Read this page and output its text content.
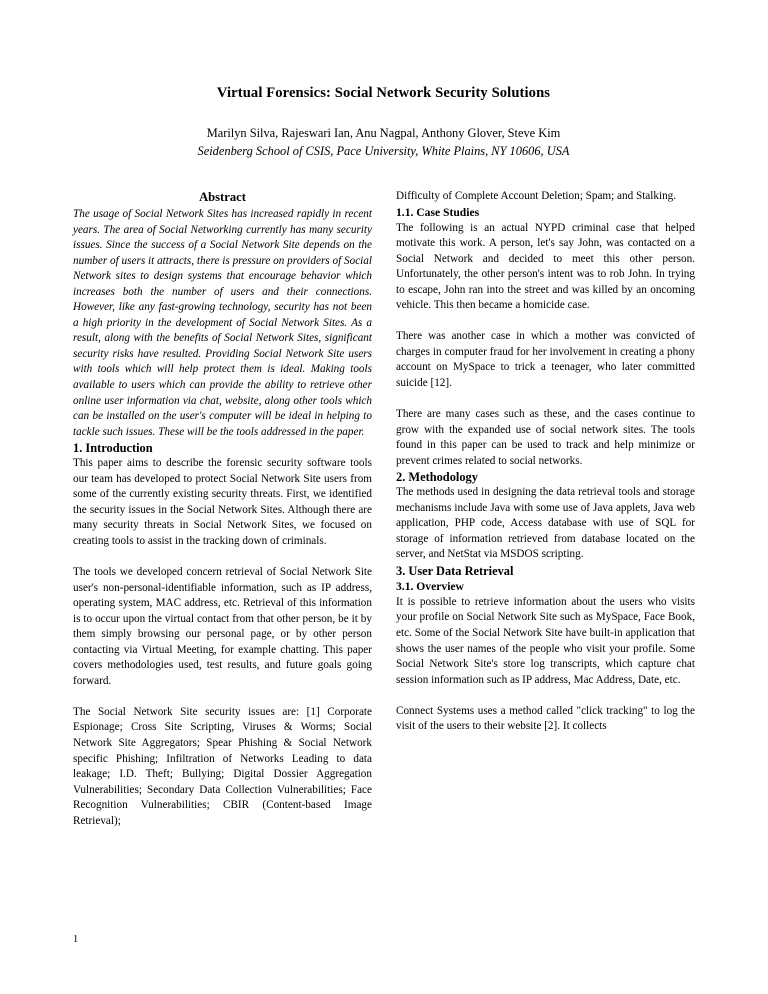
Virtual Forensics: Social Network Security Solutions
Marilyn Silva, Rajeswari Ian, Anu Nagpal, Anthony Glover, Steve Kim
Seidenberg School of CSIS, Pace University, White Plains, NY 10606, USA
Abstract

The usage of Social Network Sites has increased rapidly in recent years. The area of Social Networking currently has many security issues. Since the success of a Social Network Site depends on the number of users it attracts, there is pressure on providers of Social Network sites to design systems that encourage behavior which increases both the number of users and their connections. However, like any fast-growing technology, security has not been a high priority in the development of Social Network Sites. As a result, along with the benefits of Social Network Sites, significant security risks have resulted. Providing Social Network Site users with tools which will help protect them is ideal. Making tools available to users which can provide the ability to retrieve other online user information via chat, website, along other tools which can be installed on the user's computer will be ideal in helping to tackle such issues. These will be the tools addressed in the paper.

1. Introduction

This paper aims to describe the forensic security software tools our team has developed to protect Social Network Site users from some of the currently existing security threats. First, we identified the security issues in the Social Network Sites. Although there are many security threats in Social Network Sites, we focused on creating tools to assist in the tracking down of criminals.

The tools we developed concern retrieval of Social Network Site user's non-personal-identifiable information, such as IP address, operating system, MAC address, etc. Retrieval of this information is to occur upon the virtual contact from that other person, be it by them simply browsing our personal page, or by other person contacting via Virtual Meeting, for example chatting. This paper covers methodologies used, test results, and future goals going forward.

The Social Network Site security issues are: [1] Corporate Espionage; Cross Site Scripting, Viruses & Worms; Social Network Site Aggregators; Spear Phishing & Social Network specific Phishing; Infiltration of Networks Leading to data leakage; I.D. Theft; Bullying; Digital Dossier Aggregation Vulnerabilities; Secondary Data Collection Vulnerabilities; Face Recognition Vulnerabilities; CBIR (Content-based Image Retrieval);

Difficulty of Complete Account Deletion; Spam; and Stalking.

1.1. Case Studies

The following is an actual NYPD criminal case that helped motivate this work. A person, let's say John, was contacted on a Social Network and decided to meet this other person. Unfortunately, the other person's intent was to rob John. In trying to escape, John ran into the street and was killed by an oncoming vehicle. This then became a homicide case.

There was another case in which a mother was convicted of charges in computer fraud for her involvement in creating a phony account on MySpace to trick a teenager, who later committed suicide [12].

There are many cases such as these, and the cases continue to grow with the expanded use of social network sites. The tools found in this paper can be used to track and help minimize or prevent crimes related to social networks.

2. Methodology

The methods used in designing the data retrieval tools and storage mechanisms include Java with some use of Java applets, Java web application, PHP code, Access database with use of SQL for storage of information retrieved from database located on the server, and NetStat via MSDOS scripting.

3. User Data Retrieval
3.1. Overview

It is possible to retrieve information about the users who visits your profile on Social Network Site such as MySpace, Face Book, etc. Some of the Social Network Site have built-in application that shows the user names of the people who visit your profile. Some Social Network Site's store log transcripts, which capture chat session information such as IP address, Mac Address, Date, etc.

Connect Systems uses a method called "click tracking" to log the visit of the users to their website [2]. It collects

1
